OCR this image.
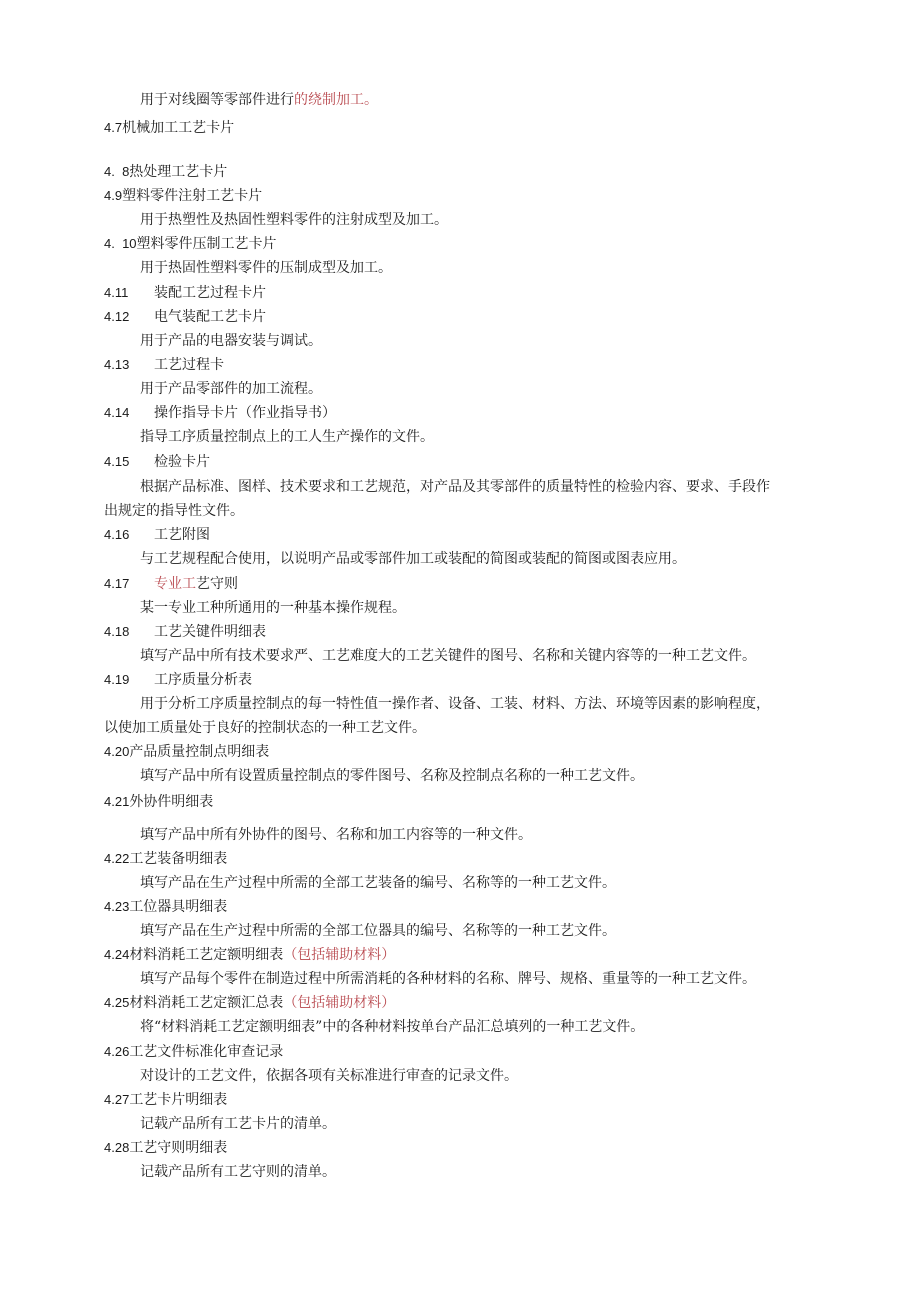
用于对线圈等零部件进行的绕制加工。
4.7机械加工工艺卡片
4.  8热处理工艺卡片
4.9塑料零件注射工艺卡片
用于热塑性及热固性塑料零件的注射成型及加工。
4.  10塑料零件压制工艺卡片
用于热固性塑料零件的压制成型及加工。
4.11 装配工艺过程卡片
4.12 电气装配工艺卡片
用于产品的电器安装与调试。
4.13 工艺过程卡
用于产品零部件的加工流程。
4.14 操作指导卡片（作业指导书）
指导工序质量控制点上的工人生产操作的文件。
4.15 检验卡片
根据产品标准、图样、技术要求和工艺规范，对产品及其零部件的质量特性的检验内容、要求、手段作
出规定的指导性文件。
4.16 工艺附图
与工艺规程配合使用，以说明产品或零部件加工或装配的简图或装配的简图或图表应用。
4.17 专业工艺守则
某一专业工种所通用的一种基本操作规程。
4.18 工艺关键件明细表
填写产品中所有技术要求严、工艺难度大的工艺关键件的图号、名称和关键内容等的一种工艺文件。
4.19 工序质量分析表
用于分析工序质量控制点的每一特性值一操作者、设备、工装、材料、方法、环境等因素的影响程度，
以使加工质量处于良好的控制状态的一种工艺文件。
4.20产品质量控制点明细表
填写产品中所有设置质量控制点的零件图号、名称及控制点名称的一种工艺文件。
4.21外协件明细表
填写产品中所有外协件的图号、名称和加工内容等的一种文件。
4.22工艺装备明细表
填写产品在生产过程中所需的全部工艺装备的编号、名称等的一种工艺文件。
4.23工位器具明细表
填写产品在生产过程中所需的全部工位器具的编号、名称等的一种工艺文件。
4.24材料消耗工艺定额明细表（包括辅助材料）
填写产品每个零件在制造过程中所需消耗的各种材料的名称、牌号、规格、重量等的一种工艺文件。
4.25材料消耗工艺定额汇总表（包括辅助材料）
将“材料消耗工艺定额明细表”中的各种材料按单台产品汇总填列的一种工艺文件。
4.26工艺文件标准化审查记录
对设计的工艺文件，依据各项有关标准进行审查的记录文件。
4.27工艺卡片明细表
记载产品所有工艺卡片的清单。
4.28工艺守则明细表
记载产品所有工艺守则的清单。
